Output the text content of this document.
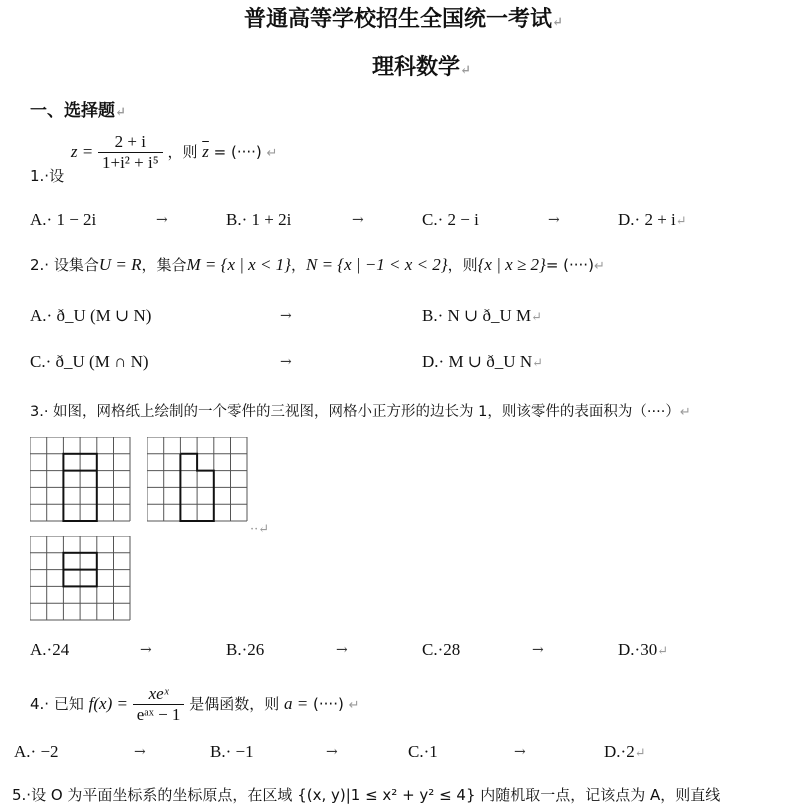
普通高等学校招生全国统一考试↵
理科数学↵
一、选择题↵
1.·设 $z = \frac{2 + i}{\text{1+i² + i⁵}}$ ，则 $\overline{z}$ = (····) ↵
A.· 1 − 2i	→	B.· 1 + 2i	→	C.· 2 − i	→	D.· 2 + i↵
2.· 设集合U = R，集合M = {x | x < 1}，N = {x | −1 < x < 2}，则{x | x ≥ 2}= (····)↵
A.· ð_U (M ∪ N)	→	B.· N ∪ ð_U M↵
C.· ð_U (M ∩ N)	→	D.· M ∪ ð_U N↵
3.· 如图，网格纸上绘制的一个零件的三视图，网格小正方形的边长为 1，则该零件的表面积为（····）↵
··↵
A.·24	→	B.·26	→	C.·28	→	D.·30↵
4.· 已知 $f(x) = \frac{\text{xeˣ}}{\text{eᵃˣ − 1}}$ 是偶函数，则 a = (····) ↵
A.· −2	→	B.· −1	→	C.·1	→	D.·2↵
5.·设 O 为平面坐标系的坐标原点，在区域 {(x, y)|1 ≤ x² + y² ≤ 4} 内随机取一点，记该点为 A，则直线
